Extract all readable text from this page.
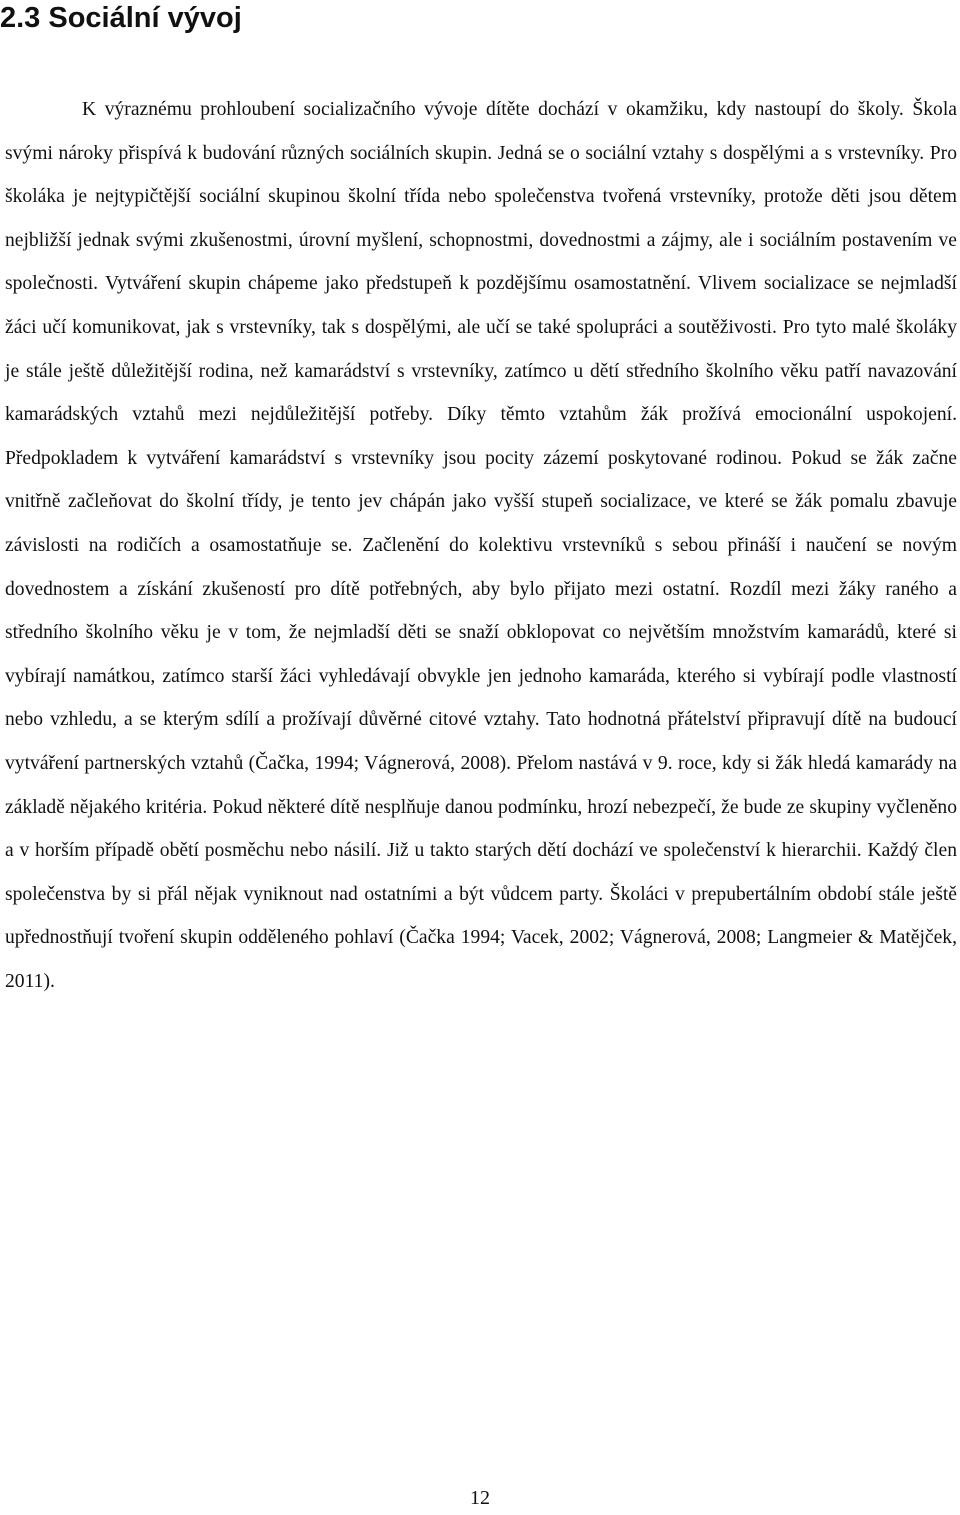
2.3 Sociální vývoj

K výraznému prohloubení socializačního vývoje dítěte dochází v okamžiku, kdy nastoupí do školy. Škola svými nároky přispívá k budování různých sociálních skupin. Jedná se o sociální vztahy s dospělými a s vrstevníky. Pro školáka je nejtypičtější sociální skupinou školní třída nebo společenstva tvořená vrstevníky, protože děti jsou dětem nejbližší jednak svými zkušenostmi, úrovní myšlení, schopnostmi, dovednostmi a zájmy, ale i sociálním postavením ve společnosti. Vytváření skupin chápeme jako předstupeň k pozdějšímu osamostatnění. Vlivem socializace se nejmladší žáci učí komunikovat, jak s vrstevníky, tak s dospělými, ale učí se také spolupráci a soutěživosti. Pro tyto malé školáky je stále ještě důležitější rodina, než kamarádství s vrstevníky, zatímco u dětí středního školního věku patří navazování kamarádských vztahů mezi nejdůležitější potřeby. Díky těmto vztahům žák prožívá emocionální uspokojení. Předpokladem k vytváření kamarádství s vrstevníky jsou pocity zázemí poskytované rodinou. Pokud se žák začne vnitřně začleňovat do školní třídy, je tento jev chápán jako vyšší stupeň socializace, ve které se žák pomalu zbavuje závislosti na rodičích a osamostatňuje se. Začlenění do kolektivu vrstevníků s sebou přináší i naučení se novým dovednostem a získání zkušeností pro dítě potřebných, aby bylo přijato mezi ostatní. Rozdíl mezi žáky raného a středního školního věku je v tom, že nejmladší děti se snaží obklopovat co největším množstvím kamarádů, které si vybírají namátkou, zatímco starší žáci vyhledávají obvykle jen jednoho kamaráda, kterého si vybírají podle vlastností nebo vzhledu, a se kterým sdílí a prožívají důvěrné citové vztahy. Tato hodnotná přátelství připravují dítě na budoucí vytváření partnerských vztahů (Čačka, 1994; Vágnerová, 2008). Přelom nastává v 9. roce, kdy si žák hledá kamarády na základě nějakého kritéria. Pokud některé dítě nesplňuje danou podmínku, hrozí nebezpečí, že bude ze skupiny vyčleněno a v horším případě obětí posměchu nebo násilí. Již u takto starých dětí dochází ve společenství k hierarchii. Každý člen společenstva by si přál nějak vyniknout nad ostatními a být vůdcem party. Školáci v prepubertálním období stále ještě upřednostňují tvoření skupin odděleného pohlaví (Čačka 1994; Vacek, 2002; Vágnerová, 2008; Langmeier & Matějček, 2011).

12
